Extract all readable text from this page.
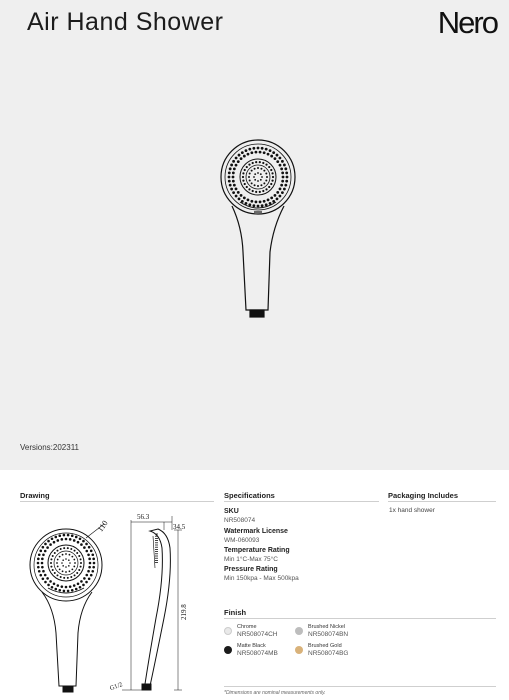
Air Hand Shower	Nero
Versions:202311
Drawing	Specifications	Packaging Includes
110
56.3
34.5
219.8
G1/2
SKU
NR508074
Watermark License
WM-060093
Temperature Rating
Min 1°C-Max 75°C
Pressure Rating
Min 150kpa - Max 500kpa
1x hand shower
Finish
Chrome
NR508074CH
Brushed Nickel
NR508074BN
Matte Black
NR508074MB
Brushed Gold
NR508074BG
*Dimensions are nominal measurements only.
